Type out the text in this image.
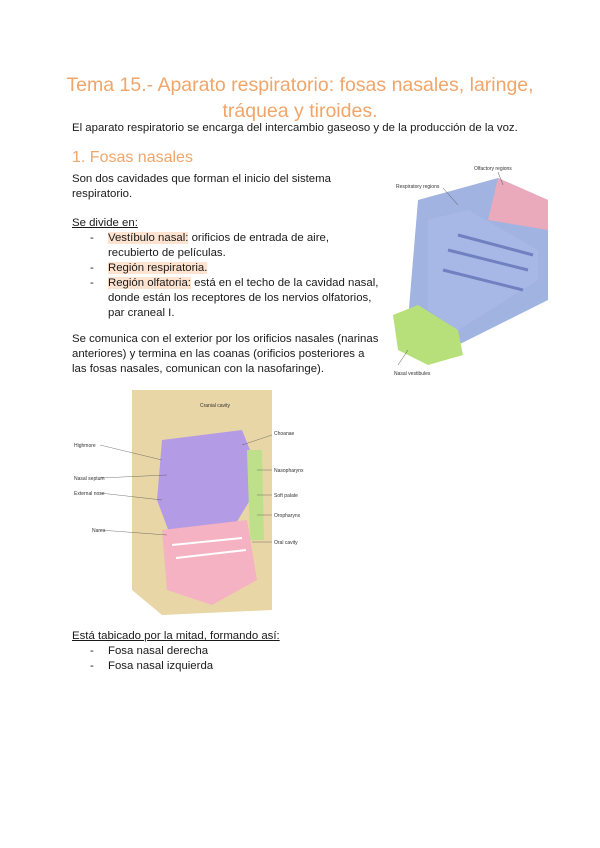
Tema 15.- Aparato respiratorio: fosas nasales, laringe, tráquea y tiroides.

El aparato respiratorio se encarga del intercambio gaseoso y de la producción de la voz.

1. Fosas nasales

Son dos cavidades que forman el inicio del sistema respiratorio.

Se divide en:

- Vestíbulo nasal: orificios de entrada de aire, recubierto de películas.
- Región respiratoria.
- Región olfatoria: está en el techo de la cavidad nasal, donde están los receptores de los nervios olfatorios, par craneal I.

Se comunica con el exterior por los orificios nasales (narinas anteriores) y termina en las coanas (orificios posteriores a las fosas nasales, comunican con la nasofaringe).

Olfactory regions
Respiratory regions
Nasal vestibules
Cranial cavity
Choanae
Highmore
Nasopharynx
Nasal septum
Soft palate
External nose
Oropharynx
Nares
Oral cavity

Está tabicado por la mitad, formando así:

- Fosa nasal derecha
- Fosa nasal izquierda
